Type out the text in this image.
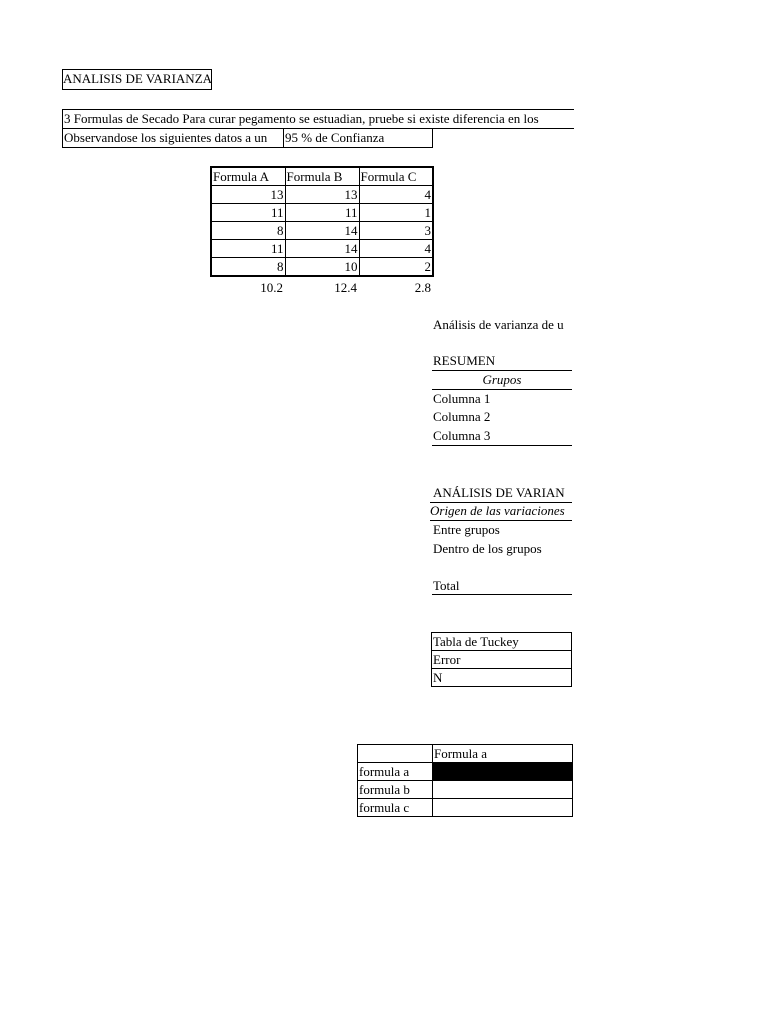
ANALISIS DE VARIANZA
3 Formulas de Secado Para curar pegamento se estuadian, pruebe si existe diferencia en los
Observandose los siguientes datos a un	95 % de Confianza
Formula A	Formula B	Formula C
13	13	4
11	11	1
8	14	3
11	14	4
8	10	2
10.2	12.4	2.8
Análisis de varianza de u
RESUMEN
Grupos
Columna 1
Columna 2
Columna 3
ANÁLISIS DE VARIAN
Origen de las variaciones
Entre grupos
Dentro de los grupos
Total
Tabla de Tuckey
Error
N
	Formula a
formula a	
formula b	
formula c	
